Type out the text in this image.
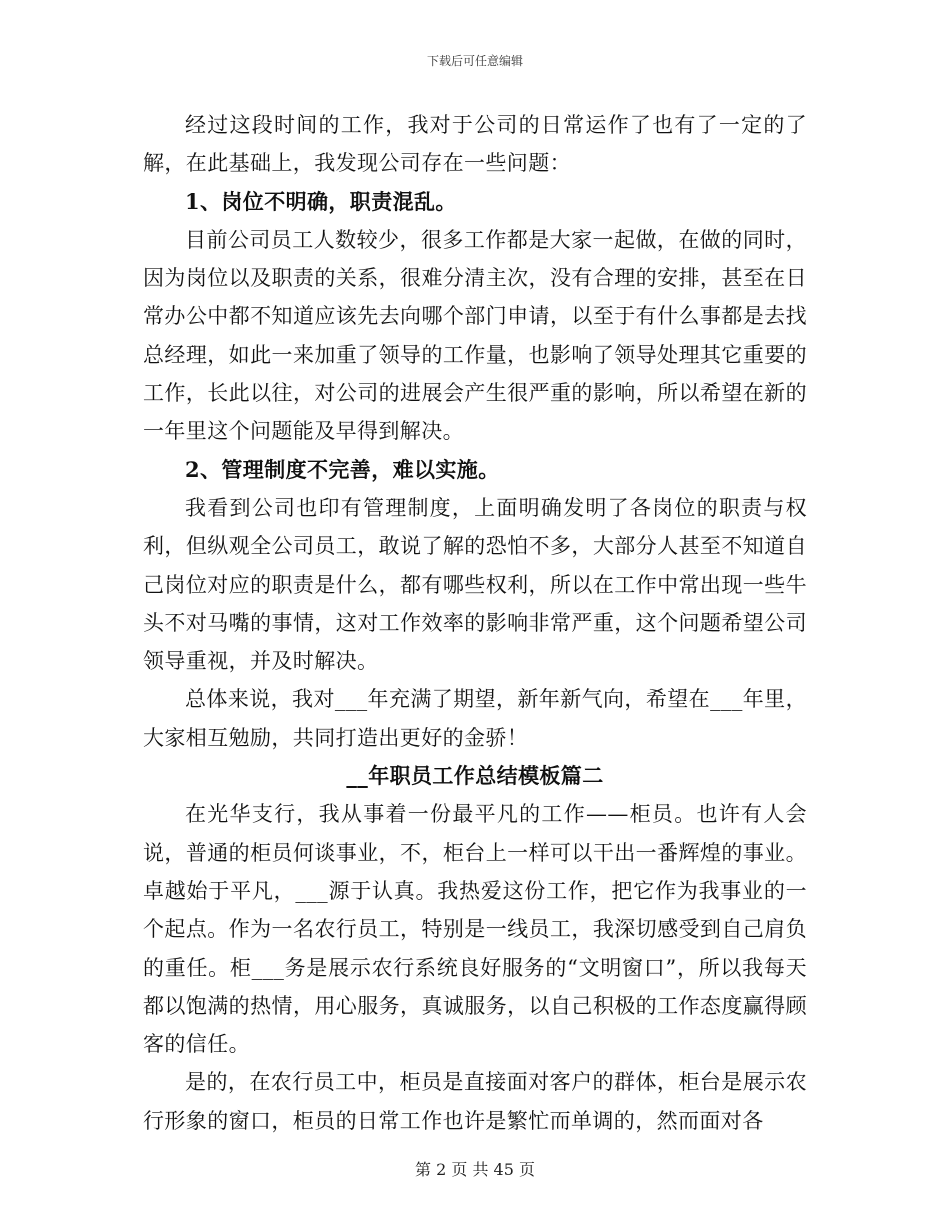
下载后可任意编辑

经过这段时间的工作，我对于公司的日常运作了也有了一定的了解，在此基础上，我发现公司存在一些问题：

1、岗位不明确，职责混乱。

目前公司员工人数较少，很多工作都是大家一起做，在做的同时，因为岗位以及职责的关系，很难分清主次，没有合理的安排，甚至在日常办公中都不知道应该先去向哪个部门申请，以至于有什么事都是去找总经理，如此一来加重了领导的工作量，也影响了领导处理其它重要的工作，长此以往，对公司的进展会产生很严重的影响，所以希望在新的一年里这个问题能及早得到解决。

2、管理制度不完善，难以实施。

我看到公司也印有管理制度，上面明确发明了各岗位的职责与权利，但纵观全公司员工，敢说了解的恐怕不多，大部分人甚至不知道自己岗位对应的职责是什么，都有哪些权利，所以在工作中常出现一些牛头不对马嘴的事情，这对工作效率的影响非常严重，这个问题希望公司领导重视，并及时解决。

总体来说，我对___年充满了期望，新年新气向，希望在___年里，大家相互勉励，共同打造出更好的金骄！

__年职员工作总结模板篇二

在光华支行，我从事着一份最平凡的工作——柜员。也许有人会说，普通的柜员何谈事业，不，柜台上一样可以干出一番辉煌的事业。卓越始于平凡，___源于认真。我热爱这份工作，把它作为我事业的一个起点。作为一名农行员工，特别是一线员工，我深切感受到自己肩负的重任。柜___务是展示农行系统良好服务的“文明窗口”，所以我每天都以饱满的热情，用心服务，真诚服务，以自己积极的工作态度赢得顾客的信任。

是的，在农行员工中，柜员是直接面对客户的群体，柜台是展示农行形象的窗口，柜员的日常工作也许是繁忙而单调的，然而面对各

第 2 页 共 45 页
